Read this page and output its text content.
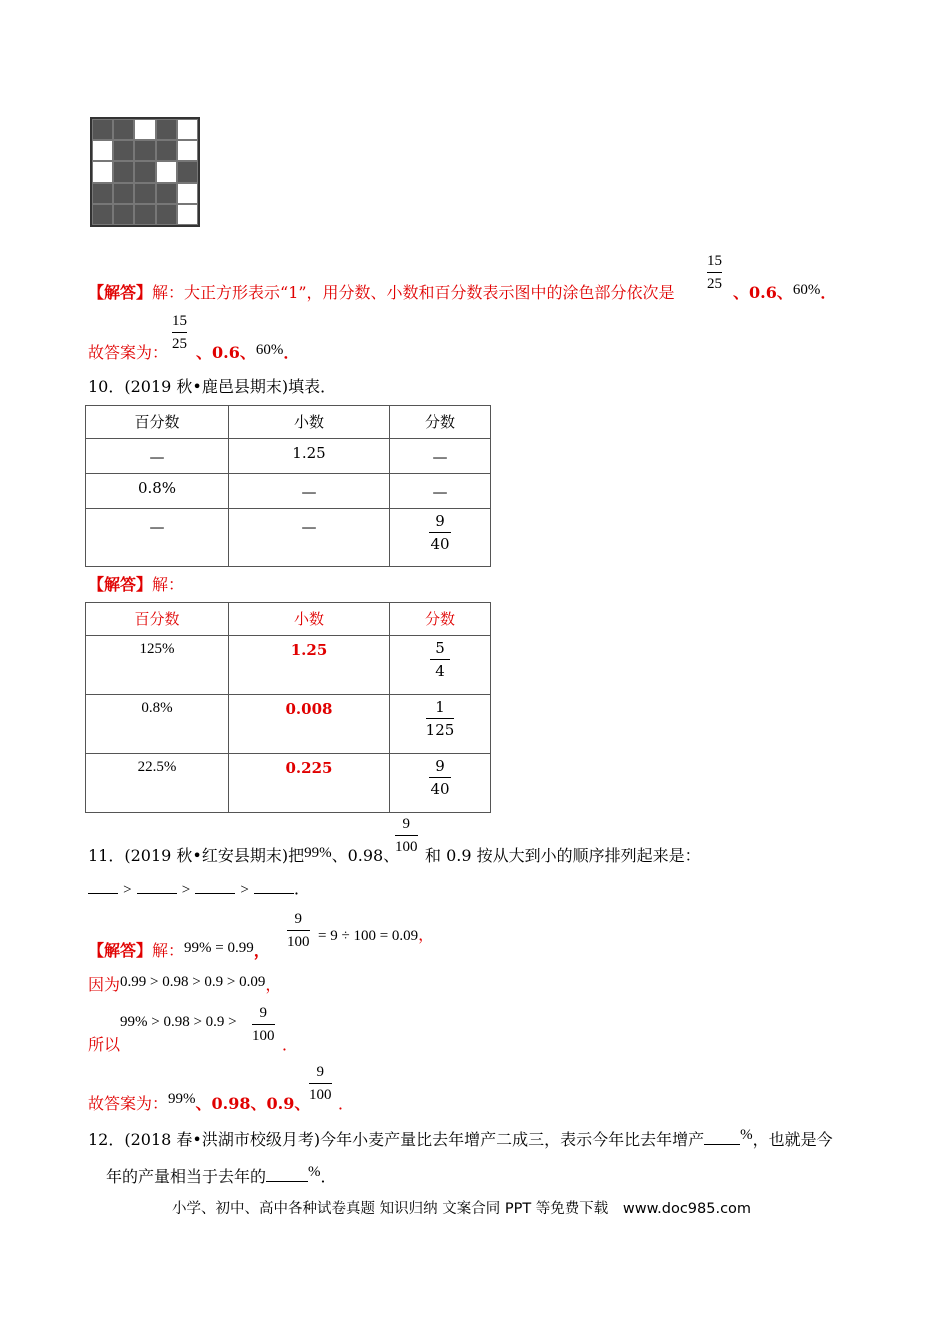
【解答】解：大正方形表示“1”，用分数、小数和百分数表示图中的涂色部分依次是
15
25 、0.6、60%．
故答案为：
15
25 、0.6、60%．
10．(2019 秋•鹿邑县期末)填表．
百分数	小数	分数
—	1.25	—
0.8%	—	—
—	—	$\frac{9}{40}$
【解答】解：
百分数	小数	分数
125%	1.25	$\frac{5}{4}$

0.8%	0.008	$\frac{1}{125}$

22.5%	0.225	$\frac{9}{40}$
11．(2019 秋•红安县期末)把99%、0.98、
9
100 和 0.9 按从大到小的顺序排列起来是：
>	>	>	．
【解答】解：99% = 0.99，
9
100 = 9 ÷ 100 = 0.09，
因为0.99 > 0.98 > 0.9 > 0.09，
所以
99% > 0.98 > 0.9 >
9
100 ．
故答案为：99%、0.98、0.9、
9
100 ．
12．(2018 春•洪湖市校级月考)今年小麦产量比去年增产二成三，表示今年比去年增产 %，也就是今
年的产量相当于去年的	%．
小学、初中、高中各种试卷真题 知识归纳 文案合同 PPT 等免费下载 www.doc985.com
